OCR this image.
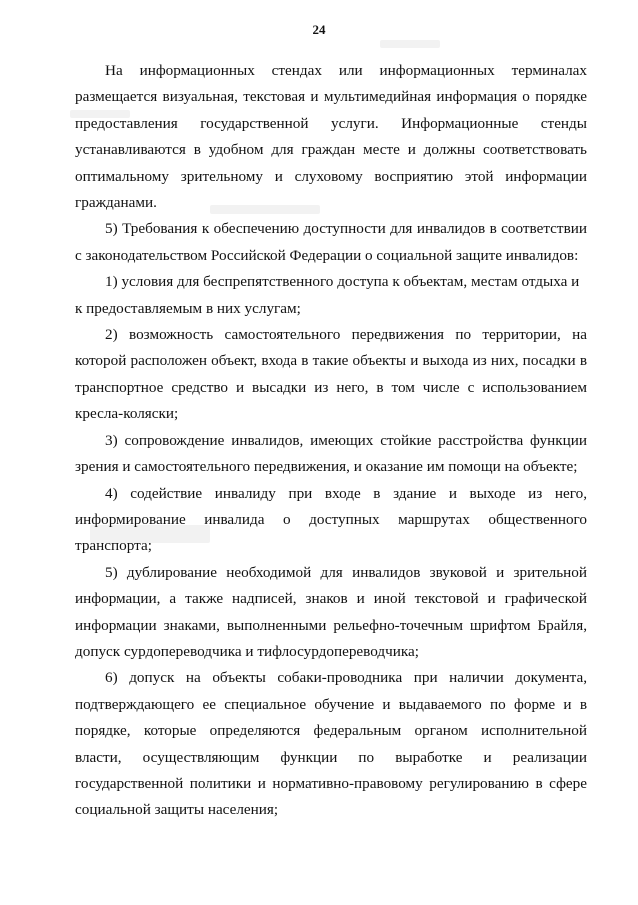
24

На информационных стендах или информационных терминалах размещается визуальная, текстовая и мультимедийная информация о порядке предоставления государственной услуги. Информационные стенды устанавливаются в удобном для граждан месте и должны соответствовать оптимальному зрительному и слуховому восприятию этой информации гражданами.

5) Требования к обеспечению доступности для инвалидов в соответствии с законодательством Российской Федерации о социальной защите инвалидов:

1) условия для беспрепятственного доступа к объектам, местам отдыха и к предоставляемым в них услугам;

2) возможность самостоятельного передвижения по территории, на которой расположен объект, входа в такие объекты и выхода из них, посадки в транспортное средство и высадки из него, в том числе с использованием кресла-коляски;

3) сопровождение инвалидов, имеющих стойкие расстройства функции зрения и самостоятельного передвижения, и оказание им помощи на объекте;

4) содействие инвалиду при входе в здание и выходе из него, информирование инвалида о доступных маршрутах общественного транспорта;

5) дублирование необходимой для инвалидов звуковой и зрительной информации, а также надписей, знаков и иной текстовой и графической информации знаками, выполненными рельефно-точечным шрифтом Брайля, допуск сурдопереводчика и тифлосурдопереводчика;

6) допуск на объекты собаки-проводника при наличии документа, подтверждающего ее специальное обучение и выдаваемого по форме и в порядке, которые определяются федеральным органом исполнительной власти, осуществляющим функции по выработке и реализации государственной политики и нормативно-правовому регулированию в сфере социальной защиты населения;
